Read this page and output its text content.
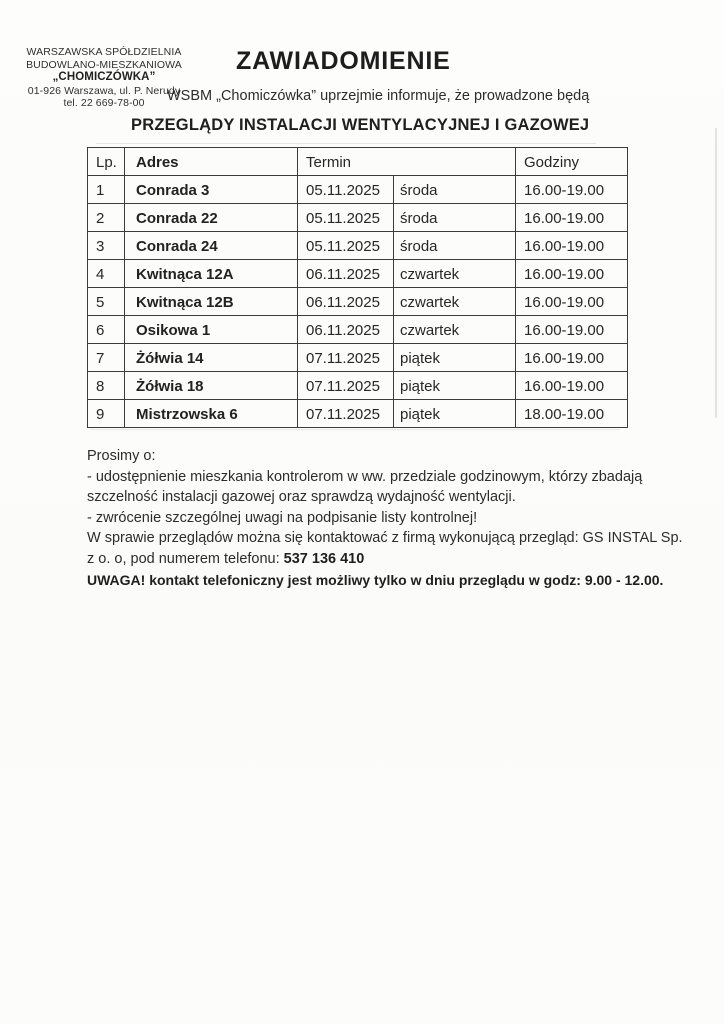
WARSZAWSKA SPÓŁDZIELNIA
BUDOWLANO-MIESZKANIOWA
„CHOMICZÓWKA”
01-926 Warszawa, ul. P. Nerudy
tel. 22 669-78-00
ZAWIADOMIENIE
WSBM „Chomiczówka” uprzejmie informuje, że prowadzone będą
PRZEGLĄDY INSTALACJI WENTYLACYJNEJ I GAZOWEJ
Lp.	Adres	Termin		Godziny
1	Conrada 3	05.11.2025	środa	16.00-19.00
2	Conrada 22	05.11.2025	środa	16.00-19.00
3	Conrada 24	05.11.2025	środa	16.00-19.00
4	Kwitnąca 12A	06.11.2025	czwartek	16.00-19.00
5	Kwitnąca 12B	06.11.2025	czwartek	16.00-19.00
6	Osikowa 1	06.11.2025	czwartek	16.00-19.00
7	Żółwia 14	07.11.2025	piątek	16.00-19.00
8	Żółwia 18	07.11.2025	piątek	16.00-19.00
9	Mistrzowska 6	07.11.2025	piątek	18.00-19.00
Prosimy o:
- udostępnienie mieszkania kontrolerom w ww. przedziale godzinowym, którzy zbadają
szczelność instalacji gazowej oraz sprawdzą wydajność wentylacji.
- zwrócenie szczególnej uwagi na podpisanie listy kontrolnej!
W sprawie przeglądów można się kontaktować z firmą wykonującą przegląd: GS INSTAL Sp.
z o. o, pod numerem telefonu: 537 136 410
UWAGA! kontakt telefoniczny jest możliwy tylko w dniu przeglądu w godz: 9.00 - 12.00.
